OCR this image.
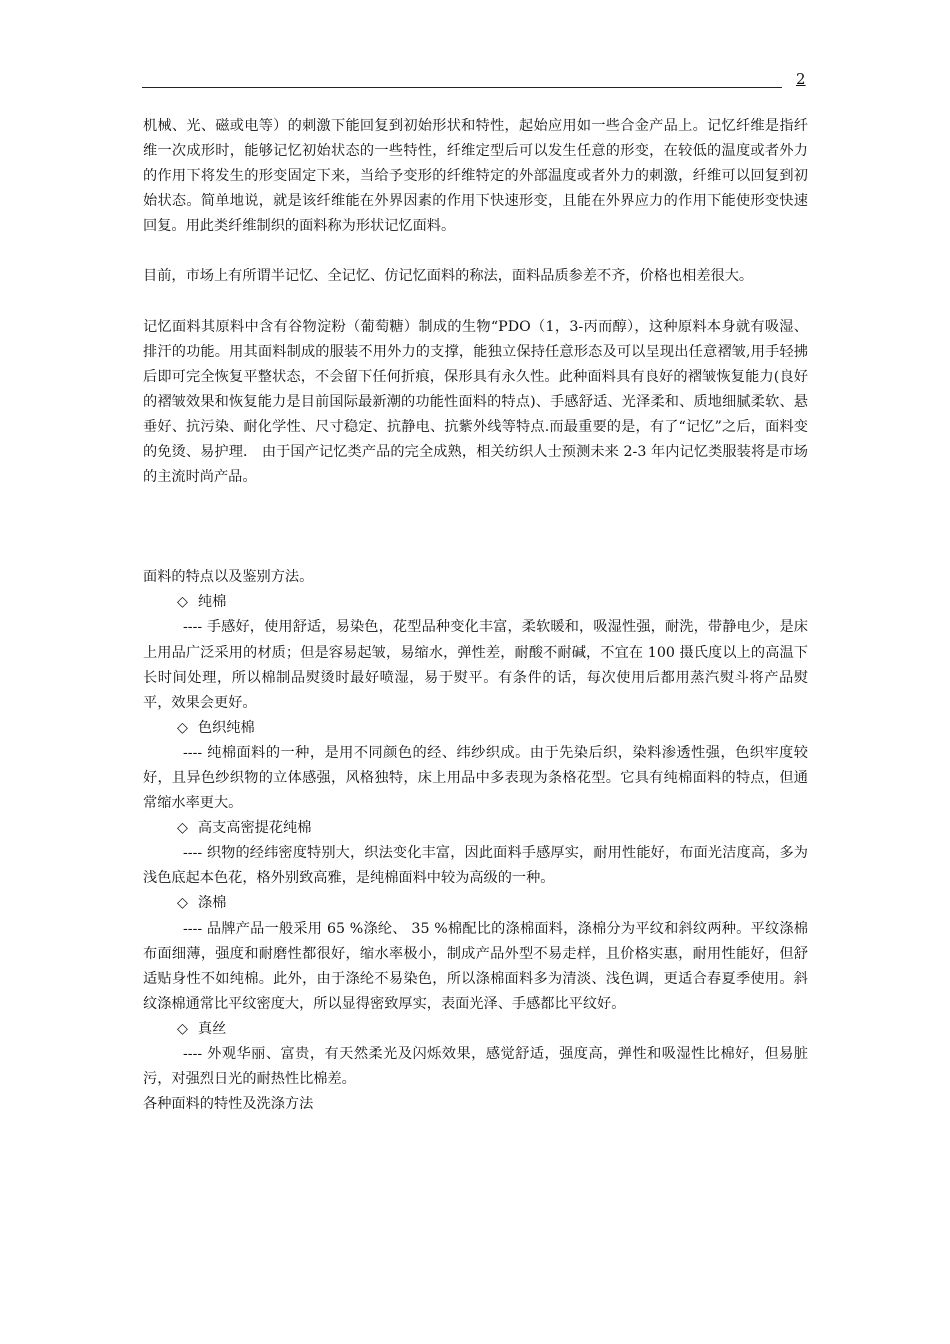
2

机械、光、磁或电等）的刺激下能回复到初始形状和特性，起始应用如一些合金产品上。记忆纤维是指纤维一次成形时，能够记忆初始状态的一些特性，纤维定型后可以发生任意的形变，在较低的温度或者外力的作用下将发生的形变固定下来，当给予变形的纤维特定的外部温度或者外力的刺激，纤维可以回复到初始状态。简单地说，就是该纤维能在外界因素的作用下快速形变，且能在外界应力的作用下能使形变快速回复。用此类纤维制织的面料称为形状记忆面料。

目前，市场上有所谓半记忆、全记忆、仿记忆面料的称法，面料品质参差不齐，价格也相差很大。

记忆面料其原料中含有谷物淀粉（葡萄糖）制成的生物“PDO（1，3-丙而醇），这种原料本身就有吸湿、排汗的功能。用其面料制成的服装不用外力的支撑，能独立保持任意形态及可以呈现出任意褶皱,用手轻拂后即可完全恢复平整状态，不会留下任何折痕，保形具有永久性。此种面料具有良好的褶皱恢复能力(良好的褶皱效果和恢复能力是目前国际最新潮的功能性面料的特点)、手感舒适、光泽柔和、质地细腻柔软、悬垂好、抗污染、耐化学性、尺寸稳定、抗静电、抗紫外线等特点.而最重要的是，有了“记忆”之后，面料变的免烫、易护理． 由于国产记忆类产品的完全成熟，相关纺织人士预测未来 2-3 年内记忆类服装将是市场的主流时尚产品。

面料的特点以及鉴别方法。

◇ 纯棉

---- 手感好，使用舒适，易染色，花型品种变化丰富，柔软暖和，吸湿性强，耐洗，带静电少，是床上用品广泛采用的材质；但是容易起皱，易缩水，弹性差，耐酸不耐碱，不宜在 100 摄氏度以上的高温下长时间处理，所以棉制品熨烫时最好喷湿，易于熨平。有条件的话，每次使用后都用蒸汽熨斗将产品熨平，效果会更好。

◇ 色织纯棉

---- 纯棉面料的一种，是用不同颜色的经、纬纱织成。由于先染后织，染料渗透性强，色织牢度较好，且异色纱织物的立体感强，风格独特，床上用品中多表现为条格花型。它具有纯棉面料的特点，但通常缩水率更大。

◇ 高支高密提花纯棉

---- 织物的经纬密度特别大，织法变化丰富，因此面料手感厚实，耐用性能好，布面光洁度高，多为浅色底起本色花，格外别致高雅，是纯棉面料中较为高级的一种。

◇ 涤棉

---- 品牌产品一般采用 65 %涤纶、 35 %棉配比的涤棉面料，涤棉分为平纹和斜纹两种。平纹涤棉布面细薄，强度和耐磨性都很好，缩水率极小，制成产品外型不易走样，且价格实惠，耐用性能好，但舒适贴身性不如纯棉。此外，由于涤纶不易染色，所以涤棉面料多为清淡、浅色调，更适合春夏季使用。斜纹涤棉通常比平纹密度大，所以显得密致厚实，表面光泽、手感都比平纹好。

◇ 真丝

---- 外观华丽、富贵，有天然柔光及闪烁效果，感觉舒适，强度高，弹性和吸湿性比棉好，但易脏污，对强烈日光的耐热性比棉差。

各种面料的特性及洗涤方法
